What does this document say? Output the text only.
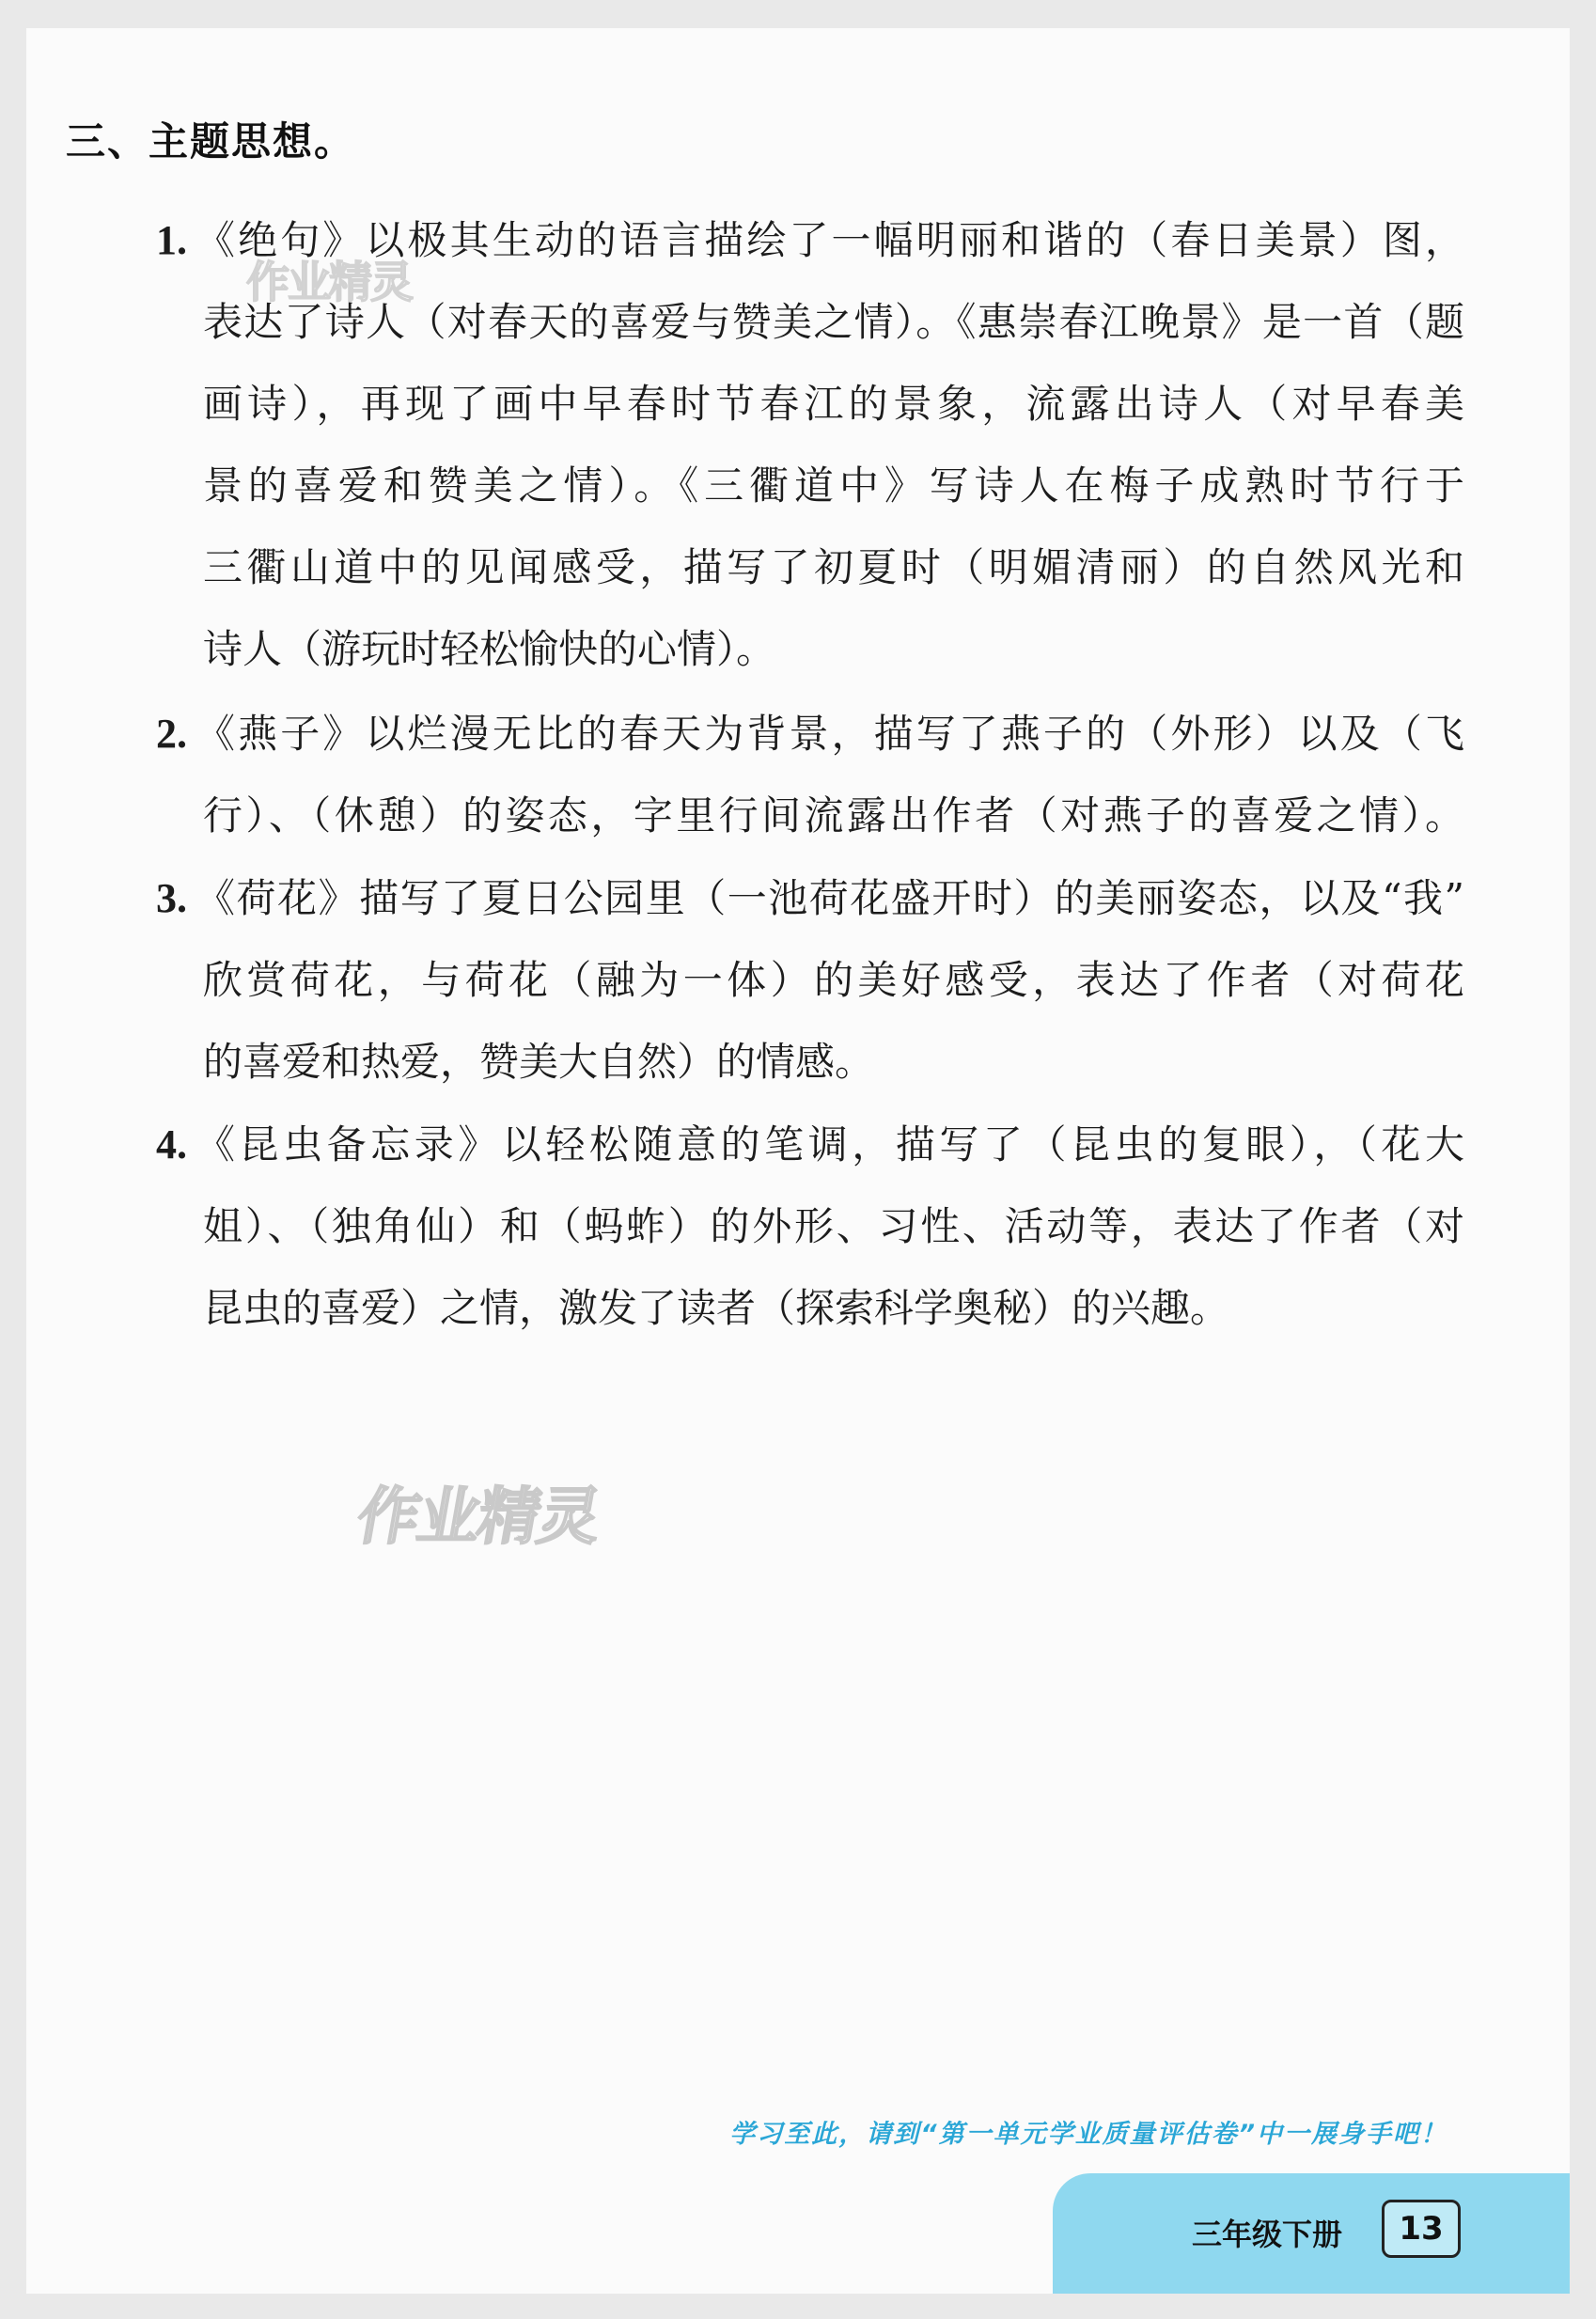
三、主题思想。
1. 《绝句》以极其生动的语言描绘了一幅明丽和谐的（春日美景）图，
表达了诗人（对春天的喜爱与赞美之情）。《惠崇春江晚景》是一首（题
画诗），再现了画中早春时节春江的景象，流露出诗人（对早春美
景的喜爱和赞美之情）。《三衢道中》写诗人在梅子成熟时节行于
三衢山道中的见闻感受，描写了初夏时（明媚清丽）的自然风光和
诗人（游玩时轻松愉快的心情）。
2. 《燕子》以烂漫无比的春天为背景，描写了燕子的（外形）以及（飞
行）、（休憩）的姿态，字里行间流露出作者（对燕子的喜爱之情）。
3. 《荷花》描写了夏日公园里（一池荷花盛开时）的美丽姿态，以及“我”
欣赏荷花，与荷花（融为一体）的美好感受，表达了作者（对荷花
的喜爱和热爱，赞美大自然）的情感。
4. 《昆虫备忘录》以轻松随意的笔调，描写了（昆虫的复眼），（花大
姐）、（独角仙）和（蚂蚱）的外形、习性、活动等，表达了作者（对
昆虫的喜爱）之情，激发了读者（探索科学奥秘）的兴趣。
作业精灵
作业精灵
学习至此，请到“第一单元学业质量评估卷”中一展身手吧！
三年级下册	13
